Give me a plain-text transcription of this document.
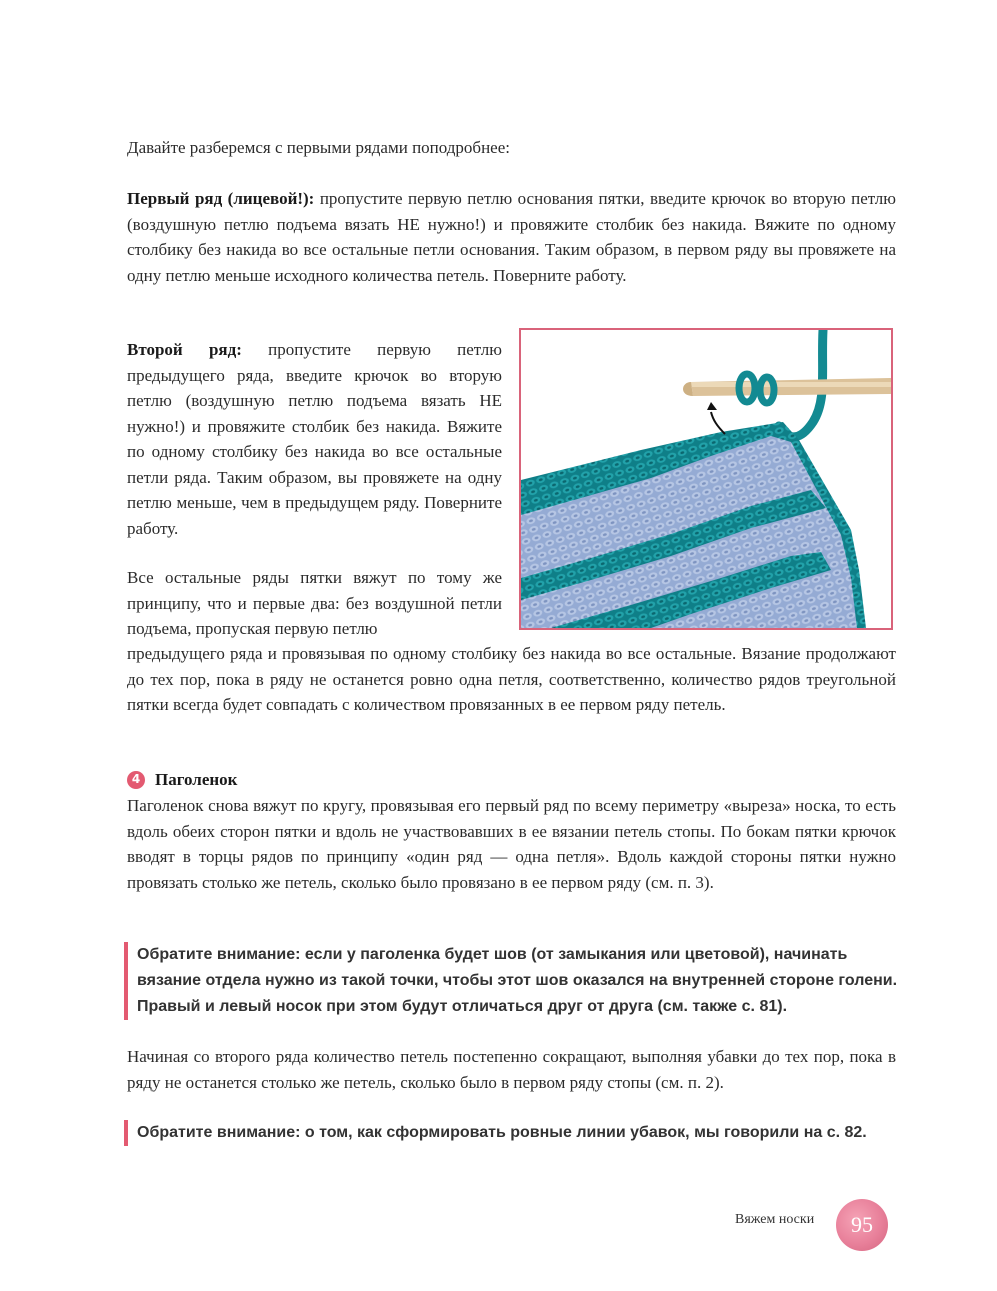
Давайте разберемся с первыми рядами поподробнее:
Первый ряд (лицевой!): пропустите первую петлю основания пятки, введите крючок во вторую петлю (воздушную петлю подъема вязать НЕ нужно!) и провяжите столбик без накида. Вяжите по одному столбику без накида во все остальные петли основания. Таким образом, в первом ряду вы провяжете на одну петлю меньше исходного количества петель. Поверните работу.
Второй ряд: пропустите первую петлю предыдущего ряда, введите крючок во вторую петлю (воздушную петлю подъема вязать НЕ нужно!) и провяжите столбик без накида. Вяжите по одному столбику без накида во все остальные петли ряда. Таким образом, вы провяжете на одну петлю меньше, чем в предыдущем ряду. Поверните работу.
Все остальные ряды пятки вяжут по тому же принципу, что и первые два: без воздушной петли подъема, пропуская первую петлю
предыдущего ряда и провязывая по одному столбику без накида во все остальные. Вязание продолжают до тех пор, пока в ряду не останется ровно одна петля, соответственно, количество рядов треугольной пятки всегда будет совпадать с количеством провязанных в ее первом ряду петель.
4 Паголенок
Паголенок снова вяжут по кругу, провязывая его первый ряд по всему периметру «выреза» носка, то есть вдоль обеих сторон пятки и вдоль не участвовавших в ее вязании петель стопы. По бокам пятки крючок вводят в торцы рядов по принципу «один ряд — одна петля». Вдоль каждой стороны пятки нужно провязать столько же петель, сколько было провязано в ее первом ряду (см. п. 3).
Обратите внимание: если у паголенка будет шов (от замыкания или цветовой), начинать вязание отдела нужно из такой точки, чтобы этот шов оказался на внутренней стороне голени. Правый и левый носок при этом будут отличаться друг от друга (см. также с. 81).
Начиная со второго ряда количество петель постепенно сокращают, выполняя убавки до тех пор, пока в ряду не останется столько же петель, сколько было в первом ряду стопы (см. п. 2).
Обратите внимание: о том, как сформировать ровные линии убавок, мы говорили на с. 82.
Вяжем носки	95
